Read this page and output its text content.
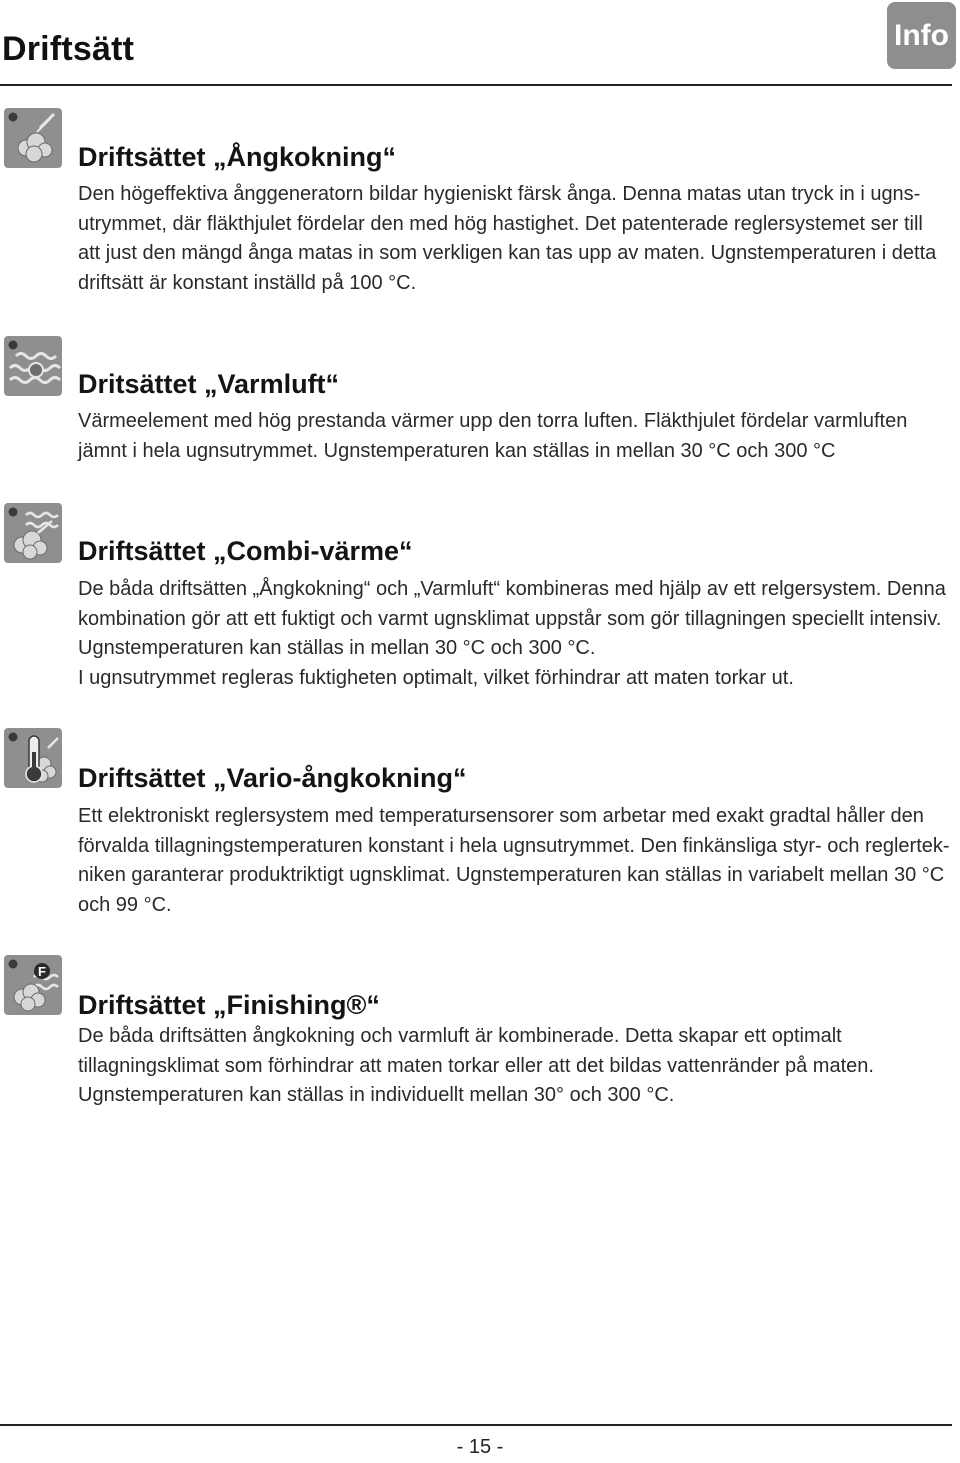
Driftsätt	Info
Driftsättet „Ångkokning“

Den högeffektiva ånggeneratorn bildar hygieniskt färsk ånga. Denna matas utan tryck in i ugns-utrymmet, där fläkthjulet fördelar den med hög hastighet. Det patenterade reglersystemet ser till att just den mängd ånga matas in som verkligen kan tas upp av maten. Ugnstemperaturen i detta driftsätt är konstant inställd på 100 °C.

Dritsättet „Varmluft“

Värmeelement med hög prestanda värmer upp den torra luften. Fläkthjulet fördelar varmluften jämnt i hela ugnsutrymmet. Ugnstemperaturen kan ställas in mellan 30 °C och 300 °C

Driftsättet „Combi-värme“

De båda driftsätten „Ångkokning“ och „Varmluft“ kombineras med hjälp av ett relgersystem. Denna kombination gör att ett fuktigt och varmt ugnsklimat uppstår som gör tillagningen speciellt intensiv. Ugnstemperaturen kan ställas in mellan 30 °C och 300 °C.

I ugnsutrymmet regleras fuktigheten optimalt, vilket förhindrar att maten torkar ut.

Driftsättet „Vario-ångkokning“

Ett elektroniskt reglersystem med temperatursensorer som arbetar med exakt gradtal håller den förvalda tillagningstemperaturen konstant i hela ugnsutrymmet. Den finkänsliga styr- och reglertek-niken garanterar produktriktigt ugnsklimat. Ugnstemperaturen kan ställas in variabelt mellan 30 °C och 99 °C.

F
Driftsättet „Finishing®“

De båda driftsätten ångkokning och varmluft är kombinerade. Detta skapar ett optimalt tillagningsklimat som förhindrar att maten torkar eller att det bildas vattenränder på maten. Ugnstemperaturen kan ställas in individuellt mellan 30° och 300 °C.

- 15 -
